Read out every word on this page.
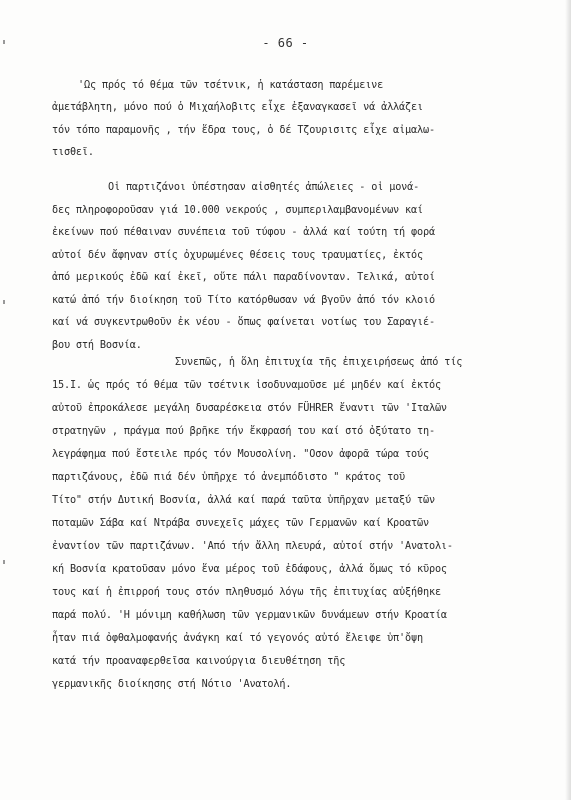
- 66 -
'Ως πρός τό θέμα τῶν τσέτνικ, ἡ κατάσταση παρέμεινε
ἀμετάβλητη, μόνο πού ὁ Μιχαήλοβιτς εἶχε ἐξαναγκασεῖ νά ἀλλάζει
τόν τόπο παραμονῆς , τήν ἕδρα τους, ὁ δέ Τζουρισιτς εἶχε αἰμαλω-
τισθεῖ.
Οἱ παρτιζάνοι ὑπέστησαν αἰσθητές ἀπώλειες - οἱ μονά-
δες πληροφοροῦσαν γιά 10.000 νεκρούς , συμπεριλαμβανομένων καί
ἐκείνων πού πέθαιναν συνέπεια τοῦ τύφου - ἀλλά καί τούτη τή φορά
αὐτοί δέν ἄφηναν στίς ὀχυρωμένες θέσεις τους τραυματίες, ἐκτός
ἀπό μερικούς ἐδῶ καί ἐκεῖ, οὔτε πάλι παραδίνονταν. Τελικά, αὐτοί
κατώ ἀπό τήν διοίκηση τοῦ Τίτο κατόρθωσαν νά βγοῦν ἀπό τόν κλοιό
καί νά συγκεντρωθοῦν ἐκ νέου - ὅπως φαίνεται νοτίως του Σαραγιέ-
βου στή Βοσνία.
Συνεπῶς, ἡ ὅλη ἐπιτυχία τῆς ἐπιχειρήσεως ἀπό τίς
15.I. ὡς πρός τό θέμα τῶν τσέτνικ ἰσοδυναμοῦσε μέ μηδέν καί ἐκτός
αὐτοῦ ἐπροκάλεσε μεγάλη δυσαρέσκεια στόν FÜHRER ἔναντι τῶν 'Ιταλῶν
στρατηγῶν , πράγμα πού βρῆκε τήν ἔκφρασή του καί στό ὀξύτατο τη-
λεγράφημα πού ἔστειλε πρός τόν Μουσολίνη. "Οσον ἀφορᾶ τώρα τούς
παρτιζάνους, ἐδῶ πιά δέν ὑπῆρχε τό ἀνεμπόδιστο " κράτος τοῦ
Τίτο" στήν Δυτική Βοσνία, ἀλλά καί παρά ταῦτα ὑπῆρχαν μεταξύ τῶν
ποταμῶν Σάβα καί Ντράβα συνεχεῖς μάχες τῶν Γερμανῶν καί Κροατῶν
ἐναντίον τῶν παρτιζάνων. 'Από τήν ἄλλη πλευρά, αὐτοί στήν 'Ανατολι-
κή Βοσνία κρατοῦσαν μόνο ἕνα μέρος τοῦ ἐδάφους, ἀλλά ὅμως τό κῦρος
τους καί ἡ ἐπιρροή τους στόν πληθυσμό λόγω τῆς ἐπιτυχίας αὐξήθηκε
παρά πολύ. 'Η μόνιμη καθήλωση τῶν γερμανικῶν δυνάμεων στήν Κροατία
ἦταν πιά ὀφθαλμοφανής ἀνάγκη καί τό γεγονός αὐτό ἔλειφε ὑπ'ὄψη
κατά τήν προαναφερθεῖσα καινούργια διευθέτηση τῆς
γερμανικῆς διοίκησης στή Νότιο 'Ανατολή.
